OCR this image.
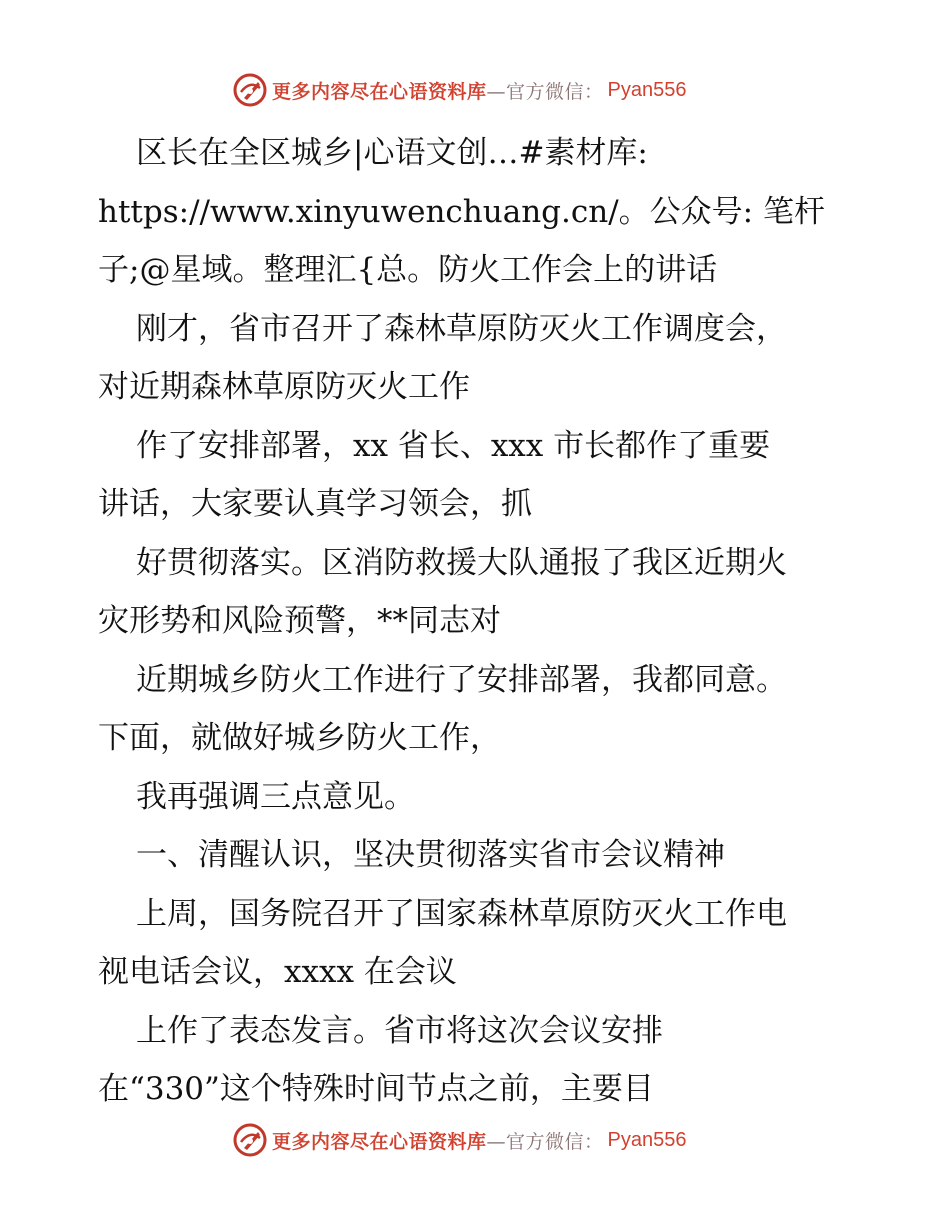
更多内容尽在心语资料库—官方微信： Pyan556
区长在全区城乡|心语文创…#素材库:
https://www.xinyuwenchuang.cn/。公众号: 笔杆
子;@星域。整理汇{总。防火工作会上的讲话
刚才，省市召开了森林草原防灭火工作调度会，
对近期森林草原防灭火工作
作了安排部署，xx 省长、xxx 市长都作了重要
讲话，大家要认真学习领会，抓
好贯彻落实。区消防救援大队通报了我区近期火
灾形势和风险预警，**同志对
近期城乡防火工作进行了安排部署，我都同意。
下面，就做好城乡防火工作，
我再强调三点意见。
一、清醒认识，坚决贯彻落实省市会议精神
上周，国务院召开了国家森林草原防灭火工作电
视电话会议，xxxx 在会议
上作了表态发言。省市将这次会议安排
在“330”这个特殊时间节点之前，主要目
更多内容尽在心语资料库—官方微信： Pyan556
